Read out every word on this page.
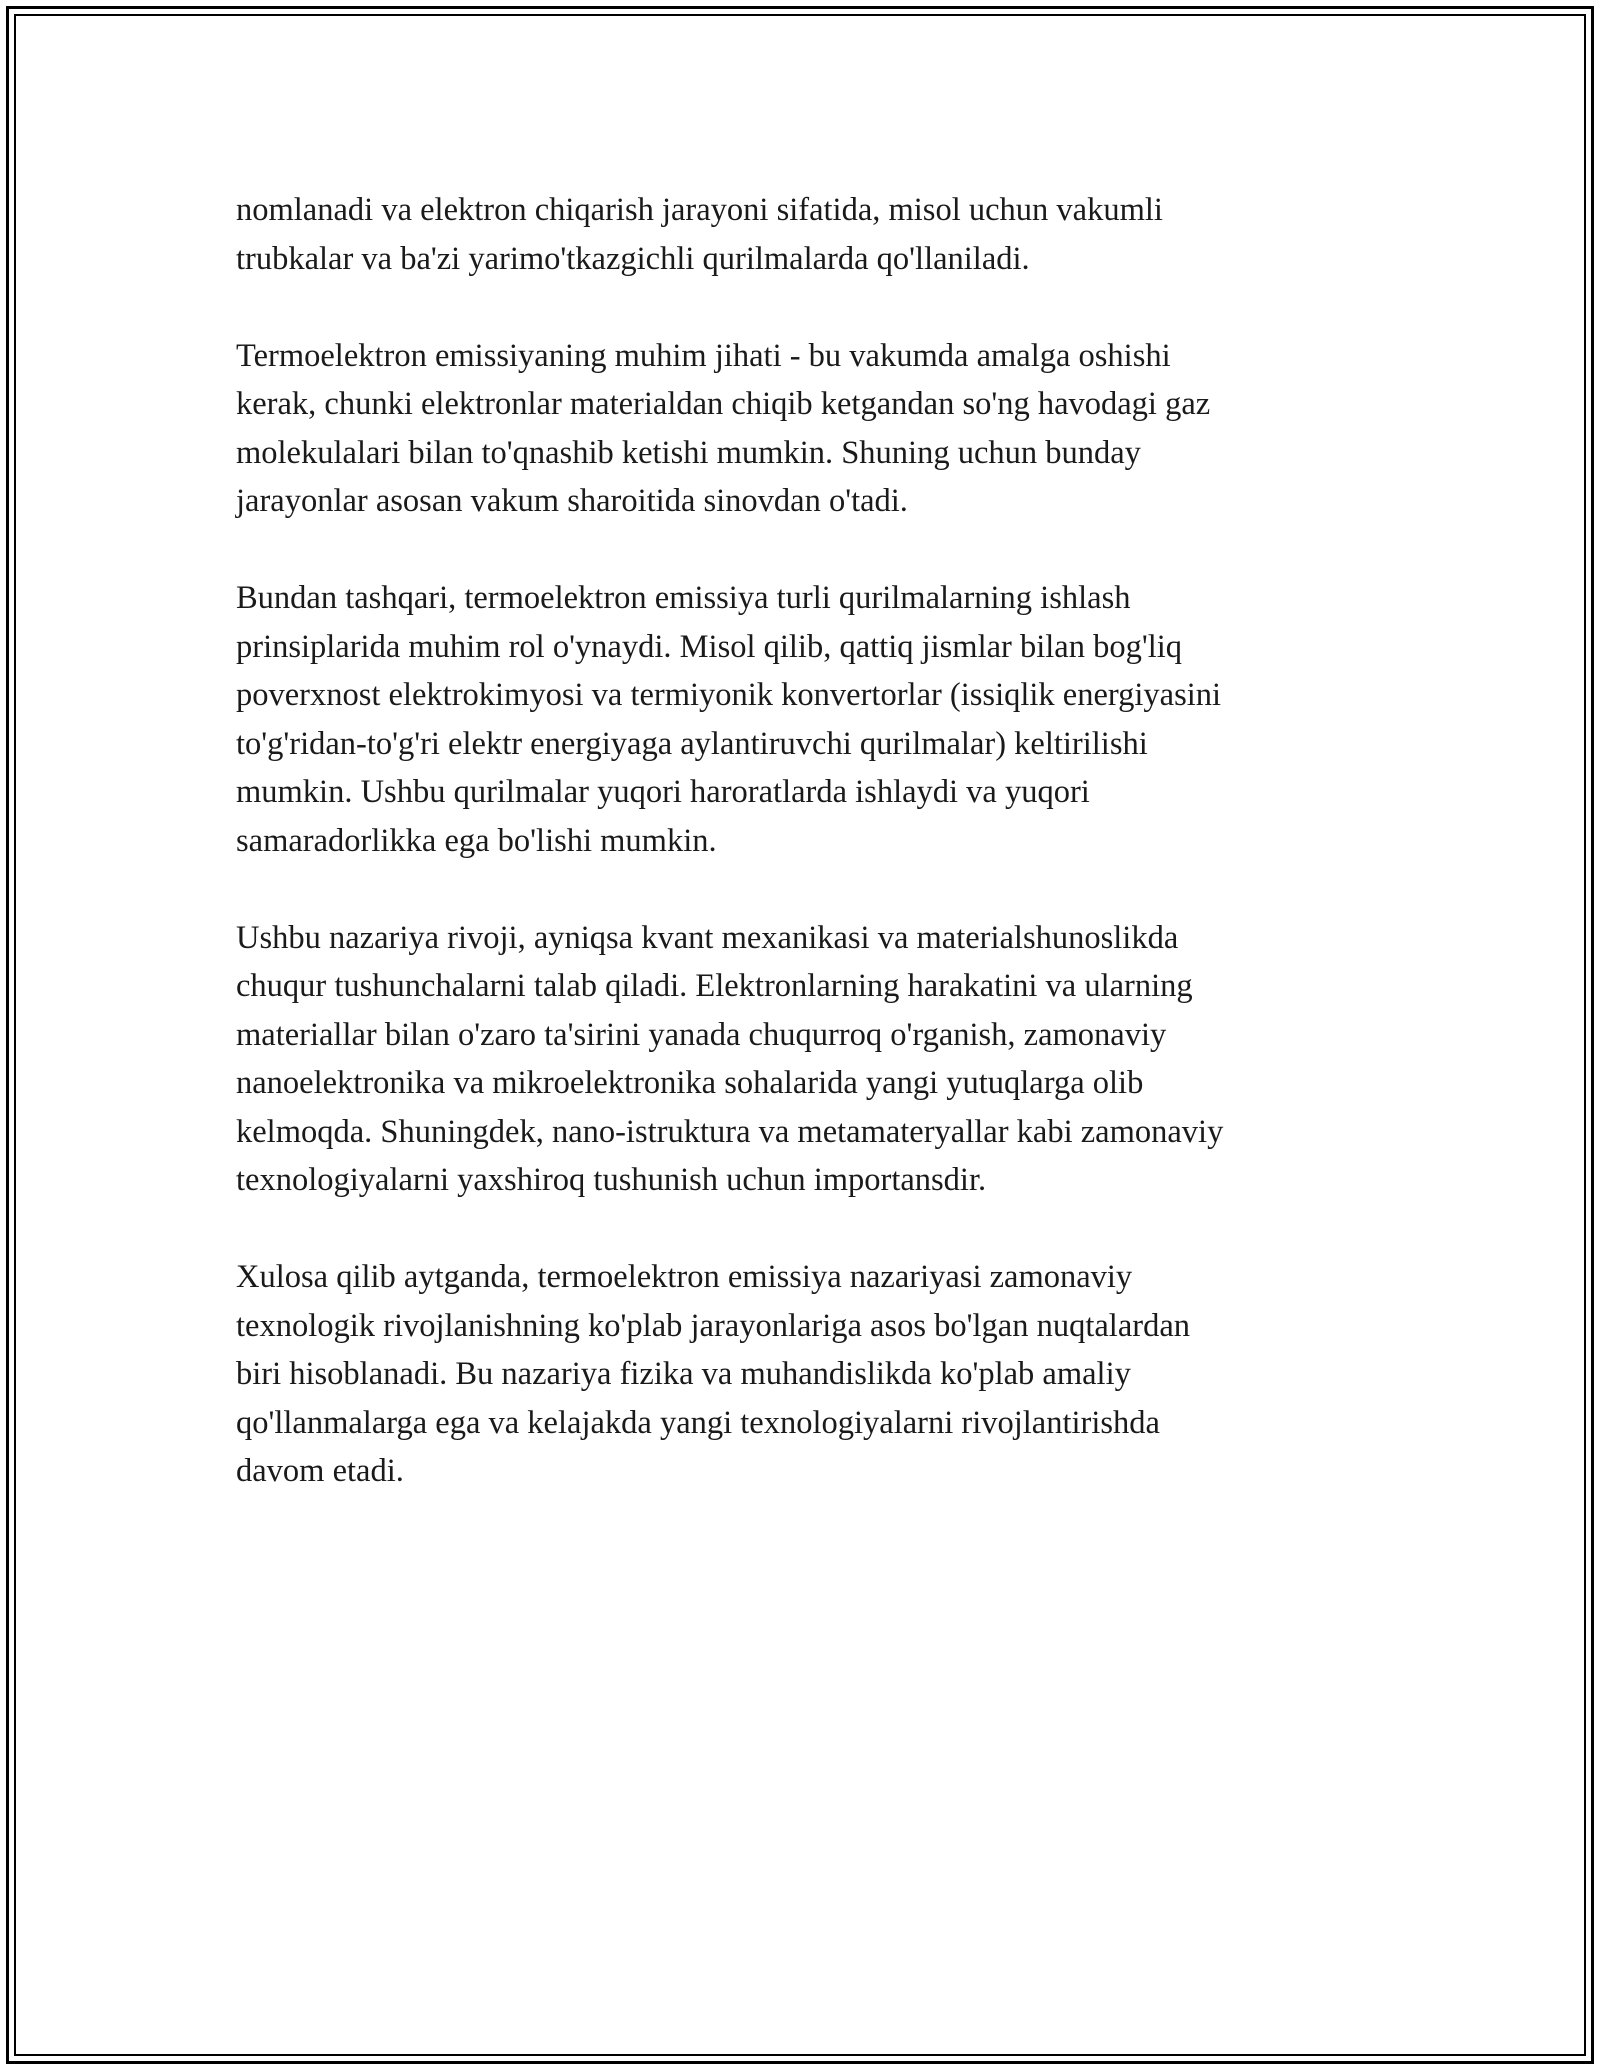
nomlanadi va elektron chiqarish jarayoni sifatida, misol uchun vakumli
trubkalar va ba'zi yarimo'tkazgichli qurilmalarda qo'llaniladi.

Termoelektron emissiyaning muhim jihati - bu vakumda amalga oshishi
kerak, chunki elektronlar materialdan chiqib ketgandan so'ng havodagi gaz
molekulalari bilan to'qnashib ketishi mumkin. Shuning uchun bunday
jarayonlar asosan vakum sharoitida sinovdan o'tadi.

Bundan tashqari, termoelektron emissiya turli qurilmalarning ishlash
prinsiplarida muhim rol o'ynaydi. Misol qilib, qattiq jismlar bilan bog'liq
poverxnost elektrokimyosi va termiyonik konvertorlar (issiqlik energiyasini
to'g'ridan-to'g'ri elektr energiyaga aylantiruvchi qurilmalar) keltirilishi
mumkin. Ushbu qurilmalar yuqori haroratlarda ishlaydi va yuqori
samaradorlikka ega bo'lishi mumkin.

Ushbu nazariya rivoji, ayniqsa kvant mexanikasi va materialshunoslikda
chuqur tushunchalarni talab qiladi. Elektronlarning harakatini va ularning
materiallar bilan o'zaro ta'sirini yanada chuqurroq o'rganish, zamonaviy
nanoelektronika va mikroelektronika sohalarida yangi yutuqlarga olib
kelmoqda. Shuningdek, nano-istruktura va metamateryallar kabi zamonaviy
texnologiyalarni yaxshiroq tushunish uchun importansdir.

Xulosa qilib aytganda, termoelektron emissiya nazariyasi zamonaviy
texnologik rivojlanishning ko'plab jarayonlariga asos bo'lgan nuqtalardan
biri hisoblanadi. Bu nazariya fizika va muhandislikda ko'plab amaliy
qo'llanmalarga ega va kelajakda yangi texnologiyalarni rivojlantirishda
davom etadi.
